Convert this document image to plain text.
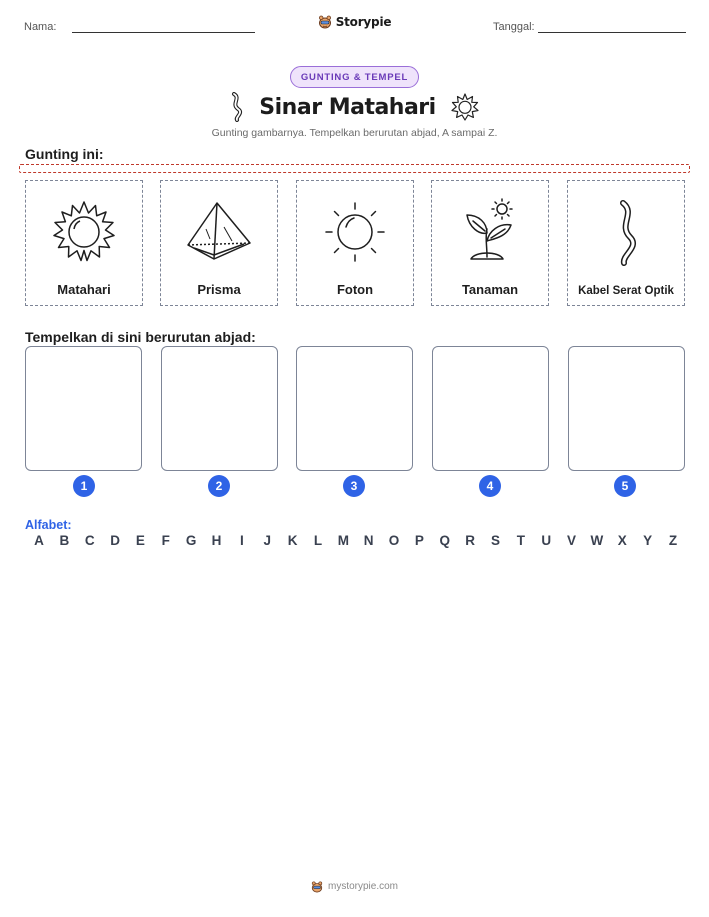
Nama:	Storypie	Tanggal:
GUNTING & TEMPEL
Sinar Matahari
Gunting gambarnya. Tempelkan berurutan abjad, A sampai Z.
Gunting ini:
Matahari	Prisma	Foton	Tanaman	Kabel Serat Optik
Tempelkan di sini berurutan abjad:
1	2	3	4	5
Alfabet:
A B C D E F G H	I	J K L M N O P Q R S T U V W X Y Z
mystorypie.com
